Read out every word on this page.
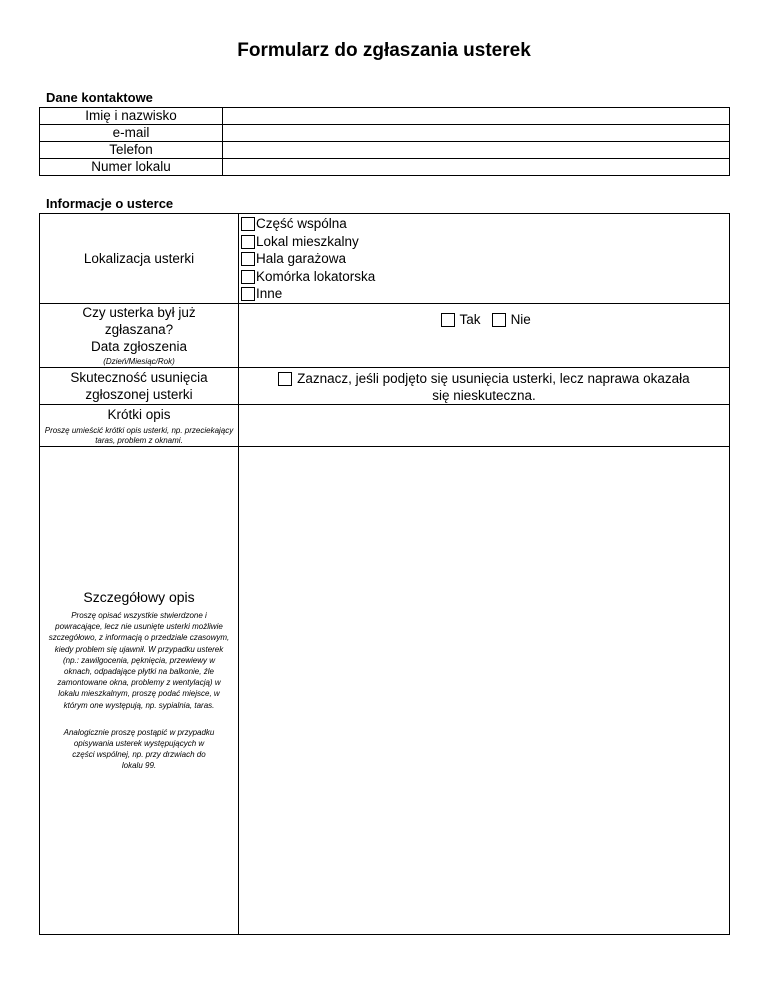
Formularz do zgłaszania usterek
Dane kontaktowe
Imię i nazwisko	
e-mail	
Telefon	
Numer lokalu	
Informacje o usterce
Lokalizacja usterki	Część wspólna
Lokal mieszkalny
Hala garażowa
Komórka lokatorska
Inne

Czy usterka był już zgłaszana?
Data zgłoszenia
(Dzień/Miesiąc/Rok)	Tak Nie

Skuteczność usunięcia zgłoszonej usterki	Zaznacz, jeśli podjęto się usunięcia usterki, lecz naprawa okazała się nieskuteczna.

Krótki opis
Proszę umieścić krótki opis usterki, np. przeciekający taras, problem z oknami.	

Szczegółowy opis
Proszę opisać wszystkie stwierdzone i powracające, lecz nie usunięte usterki możliwie szczegółowo, z informacją o przedziale czasowym, kiedy problem się ujawnił. W przypadku usterek (np.: zawilgocenia, pęknięcia, przewiewy w oknach, odpadające płytki na balkonie, źle zamontowane okna, problemy z wentylacją) w lokalu mieszkalnym, proszę podać miejsce, w którym one występują, np. sypialnia, taras.
Analogicznie proszę postąpić w przypadku opisywania usterek występujących w części wspólnej, np. przy drzwiach do lokalu 99.	
